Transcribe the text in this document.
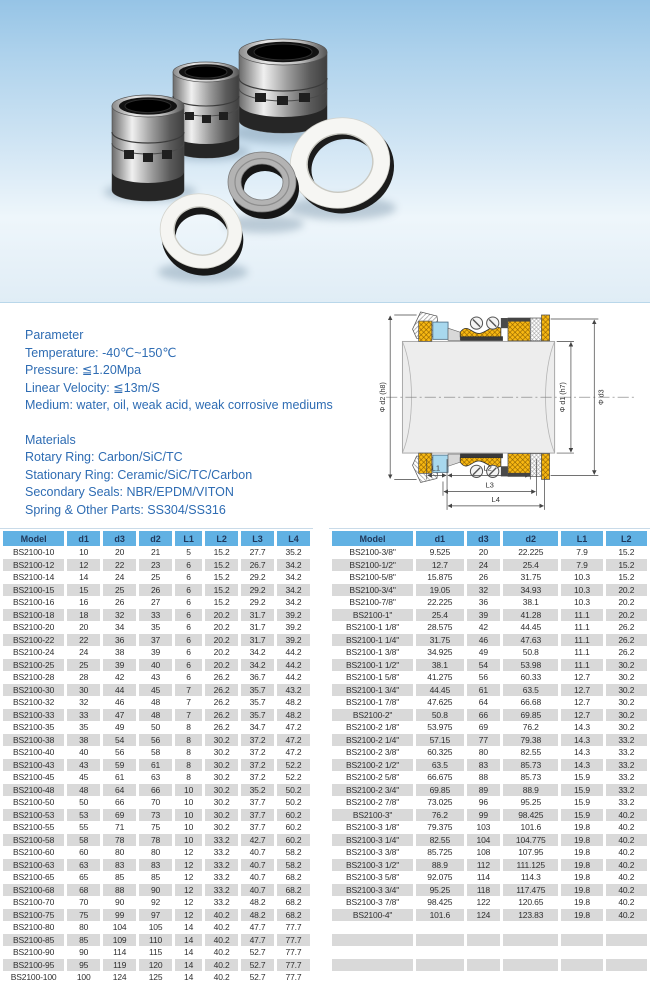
Parameter
Temperature: -40℃~150℃
Pressure: ≦1.20Mpa
Linear Velocity: ≦13m/S
Medium: water, oil, weak acid, weak corrosive mediums
Materials
Rotary Ring: Carbon/SiC/TC
Stationary Ring: Ceramic/SiC/TC/Carbon
Secondary Seals: NBR/EPDM/VITON
Spring & Other Parts: SS304/SS316
Φ d2 (h8)	Φ d1 (h7)	Φ d3
L1	L2
L3
L4
Model	d1	d3	d2	L1	L2	L3	L4
BS2100-10	10	20	21	5	15.2	27.7	35.2
BS2100-12	12	22	23	6	15.2	26.7	34.2
BS2100-14	14	24	25	6	15.2	29.2	34.2
BS2100-15	15	25	26	6	15.2	29.2	34.2
BS2100-16	16	26	27	6	15.2	29.2	34.2
BS2100-18	18	32	33	6	20.2	31.7	39.2
BS2100-20	20	34	35	6	20.2	31.7	39.2
BS2100-22	22	36	37	6	20.2	31.7	39.2
BS2100-24	24	38	39	6	20.2	34.2	44.2
BS2100-25	25	39	40	6	20.2	34.2	44.2
BS2100-28	28	42	43	6	26.2	36.7	44.2
BS2100-30	30	44	45	7	26.2	35.7	43.2
BS2100-32	32	46	48	7	26.2	35.7	48.2
BS2100-33	33	47	48	7	26.2	35.7	48.2
BS2100-35	35	49	50	8	26.2	34.7	47.2
BS2100-38	38	54	56	8	30.2	37.2	47.2
BS2100-40	40	56	58	8	30.2	37.2	47.2
BS2100-43	43	59	61	8	30.2	37.2	52.2
BS2100-45	45	61	63	8	30.2	37.2	52.2
BS2100-48	48	64	66	10	30.2	35.2	50.2
BS2100-50	50	66	70	10	30.2	37.7	50.2
BS2100-53	53	69	73	10	30.2	37.7	60.2
BS2100-55	55	71	75	10	30.2	37.7	60.2
BS2100-58	58	78	78	10	33.2	42.7	60.2
BS2100-60	60	80	80	12	33.2	40.7	58.2
BS2100-63	63	83	83	12	33.2	40.7	58.2
BS2100-65	65	85	85	12	33.2	40.7	68.2
BS2100-68	68	88	90	12	33.2	40.7	68.2
BS2100-70	70	90	92	12	33.2	48.2	68.2
BS2100-75	75	99	97	12	40.2	48.2	68.2
BS2100-80	80	104	105	14	40.2	47.7	77.7
BS2100-85	85	109	110	14	40.2	47.7	77.7
BS2100-90	90	114	115	14	40.2	52.7	77.7
BS2100-95	95	119	120	14	40.2	52.7	77.7
BS2100-100	100	124	125	14	40.2	52.7	77.7
Model	d1	d3	d2	L1	L2
BS2100-3/8"	9.525	20	22.225	7.9	15.2
BS2100-1/2"	12.7	24	25.4	7.9	15.2
BS2100-5/8"	15.875	26	31.75	10.3	15.2
BS2100-3/4"	19.05	32	34.93	10.3	20.2
BS2100-7/8"	22.225	36	38.1	10.3	20.2
BS2100-1"	25.4	39	41.28	11.1	20.2
BS2100-1 1/8"	28.575	42	44.45	11.1	26.2
BS2100-1 1/4"	31.75	46	47.63	11.1	26.2
BS2100-1 3/8"	34.925	49	50.8	11.1	26.2
BS2100-1 1/2"	38.1	54	53.98	11.1	30.2
BS2100-1 5/8"	41.275	56	60.33	12.7	30.2
BS2100-1 3/4"	44.45	61	63.5	12.7	30.2
BS2100-1 7/8"	47.625	64	66.68	12.7	30.2
BS2100-2"	50.8	66	69.85	12.7	30.2
BS2100-2 1/8"	53.975	69	76.2	14.3	30.2
BS2100-2 1/4"	57.15	77	79.38	14.3	33.2
BS2100-2 3/8"	60.325	80	82.55	14.3	33.2
BS2100-2 1/2"	63.5	83	85.73	14.3	33.2
BS2100-2 5/8"	66.675	88	85.73	15.9	33.2
BS2100-2 3/4"	69.85	89	88.9	15.9	33.2
BS2100-2 7/8"	73.025	96	95.25	15.9	33.2
BS2100-3"	76.2	99	98.425	15.9	40.2
BS2100-3 1/8"	79.375	103	101.6	19.8	40.2
BS2100-3 1/4"	82.55	104	104.775	19.8	40.2
BS2100-3 3/8"	85.725	108	107.95	19.8	40.2
BS2100-3 1/2"	88.9	112	111.125	19.8	40.2
BS2100-3 5/8"	92.075	114	114.3	19.8	40.2
BS2100-3 3/4"	95.25	118	117.475	19.8	40.2
BS2100-3 7/8"	98.425	122	120.65	19.8	40.2
BS2100-4"	101.6	124	123.83	19.8	40.2
